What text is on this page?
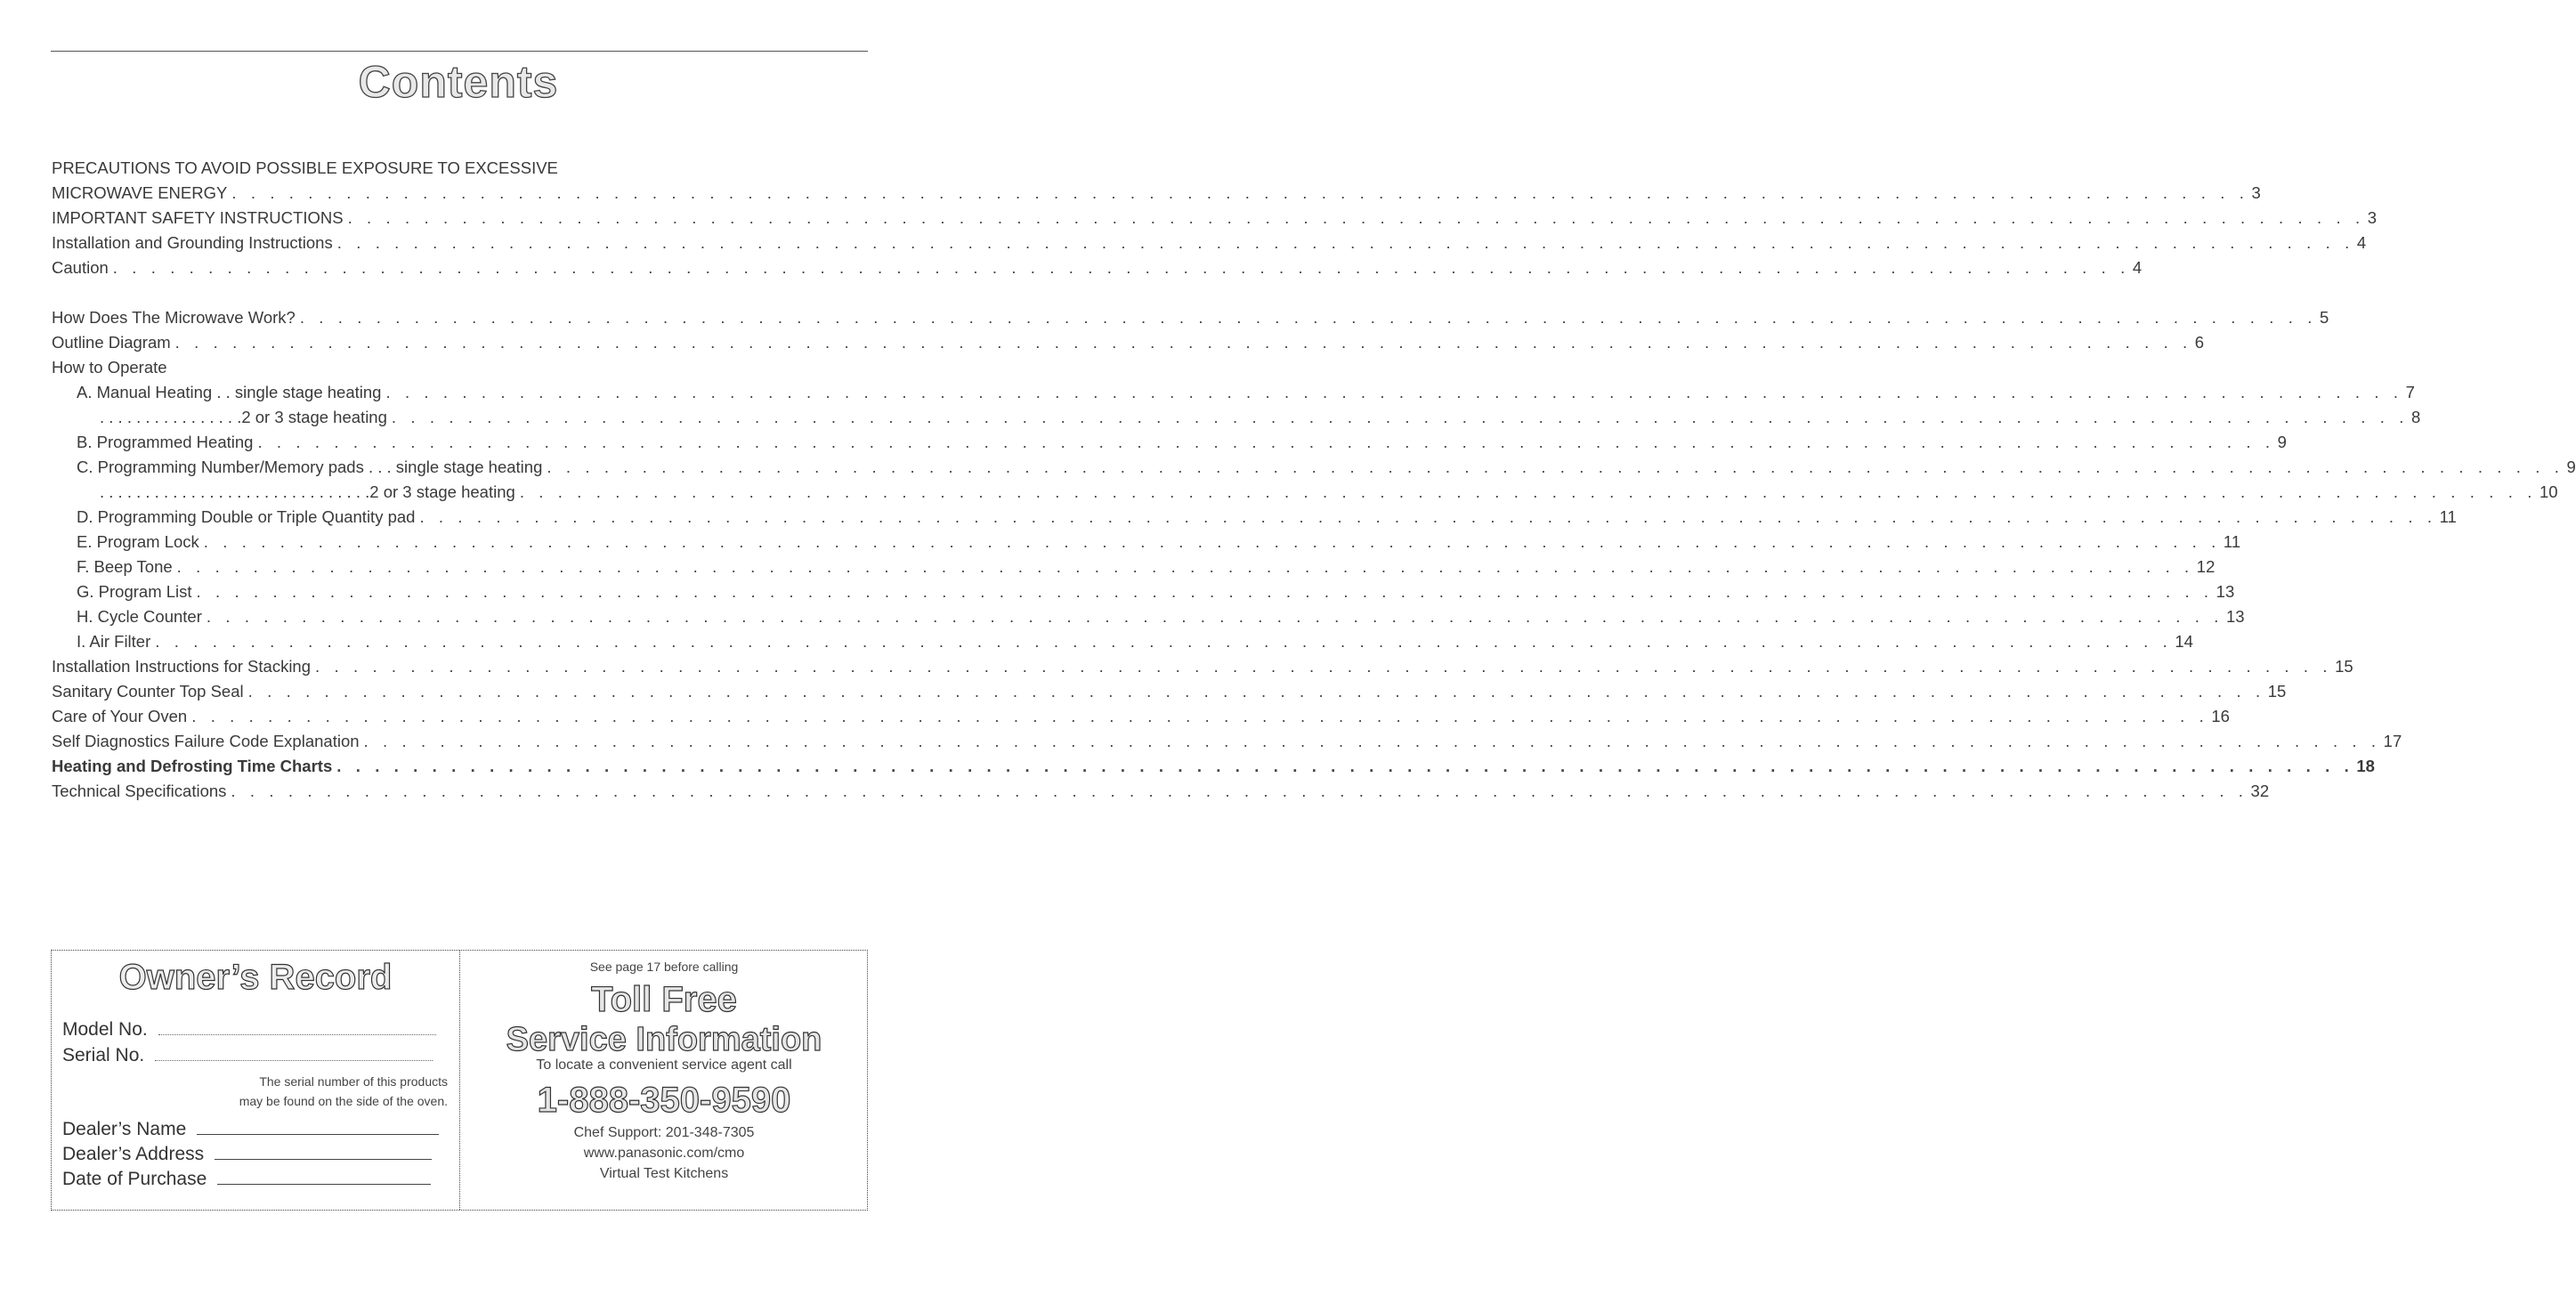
Contents
PRECAUTIONS TO AVOID POSSIBLE EXPOSURE TO EXCESSIVE
MICROWAVE ENERGY . . . . . . . . . . . . . . . . . . . . . . . . . . . . . . . . . . . . . . . . . . . . . . . . . . . . . . . . . . . . . . . . . . . . . . . . . . . . . . . . . . . . . . . . . . . . . . . . . . . . . . . . . . 3
IMPORTANT SAFETY INSTRUCTIONS . . . . . . . . . . . . . . . . . . . . . . . . . . . . . . . . . . . . . . . . . . . . . . . . . . . . . . . . . . . . . . . . . . . . . . . . . . . . . . . . . . . . . . . . . . . . . . . . . . . . . . . . . . 3
Installation and Grounding Instructions . . . . . . . . . . . . . . . . . . . . . . . . . . . . . . . . . . . . . . . . . . . . . . . . . . . . . . . . . . . . . . . . . . . . . . . . . . . . . . . . . . . . . . . . . . . . . . . . . . . . . . . . . . 4
Caution . . . . . . . . . . . . . . . . . . . . . . . . . . . . . . . . . . . . . . . . . . . . . . . . . . . . . . . . . . . . . . . . . . . . . . . . . . . . . . . . . . . . . . . . . . . . . . . . . . . . . . . . . . 4
How Does The Microwave Work? . . . . . . . . . . . . . . . . . . . . . . . . . . . . . . . . . . . . . . . . . . . . . . . . . . . . . . . . . . . . . . . . . . . . . . . . . . . . . . . . . . . . . . . . . . . . . . . . . . . . . . . . . . 5
Outline Diagram . . . . . . . . . . . . . . . . . . . . . . . . . . . . . . . . . . . . . . . . . . . . . . . . . . . . . . . . . . . . . . . . . . . . . . . . . . . . . . . . . . . . . . . . . . . . . . . . . . . . . . . . . . 6
How to Operate
A. Manual Heating . . single stage heating . . . . . . . . . . . . . . . . . . . . . . . . . . . . . . . . . . . . . . . . . . . . . . . . . . . . . . . . . . . . . . . . . . . . . . . . . . . . . . . . . . . . . . . . . . . . . . . . . . . . . . . . . . 7
. . . . . . . . . . . . . . . . 2 or 3 stage heating . . . . . . . . . . . . . . . . . . . . . . . . . . . . . . . . . . . . . . . . . . . . . . . . . . . . . . . . . . . . . . . . . . . . . . . . . . . . . . . . . . . . . . . . . . . . . . . . . . . . . . . . . . 8
B. Programmed Heating . . . . . . . . . . . . . . . . . . . . . . . . . . . . . . . . . . . . . . . . . . . . . . . . . . . . . . . . . . . . . . . . . . . . . . . . . . . . . . . . . . . . . . . . . . . . . . . . . . . . . . . . . . 9
C. Programming Number/Memory pads . . . single stage heating . . . . . . . . . . . . . . . . . . . . . . . . . . . . . . . . . . . . . . . . . . . . . . . . . . . . . . . . . . . . . . . . . . . . . . . . . . . . . . . . . . . . . . . . . . . . . . . . . . . . . . . . . . 9
. . . . . . . . . . . . . . . . . . . . . . . . . . . . . . 2 or 3 stage heating . . . . . . . . . . . . . . . . . . . . . . . . . . . . . . . . . . . . . . . . . . . . . . . . . . . . . . . . . . . . . . . . . . . . . . . . . . . . . . . . . . . . . . . . . . . . . . . . . . . . . . . . . . 10
D. Programming Double or Triple Quantity pad . . . . . . . . . . . . . . . . . . . . . . . . . . . . . . . . . . . . . . . . . . . . . . . . . . . . . . . . . . . . . . . . . . . . . . . . . . . . . . . . . . . . . . . . . . . . . . . . . . . . . . . . . . 11
E. Program Lock . . . . . . . . . . . . . . . . . . . . . . . . . . . . . . . . . . . . . . . . . . . . . . . . . . . . . . . . . . . . . . . . . . . . . . . . . . . . . . . . . . . . . . . . . . . . . . . . . . . . . . . . . . 11
F. Beep Tone . . . . . . . . . . . . . . . . . . . . . . . . . . . . . . . . . . . . . . . . . . . . . . . . . . . . . . . . . . . . . . . . . . . . . . . . . . . . . . . . . . . . . . . . . . . . . . . . . . . . . . . . . . 12
G. Program List . . . . . . . . . . . . . . . . . . . . . . . . . . . . . . . . . . . . . . . . . . . . . . . . . . . . . . . . . . . . . . . . . . . . . . . . . . . . . . . . . . . . . . . . . . . . . . . . . . . . . . . . . . 13
H. Cycle Counter . . . . . . . . . . . . . . . . . . . . . . . . . . . . . . . . . . . . . . . . . . . . . . . . . . . . . . . . . . . . . . . . . . . . . . . . . . . . . . . . . . . . . . . . . . . . . . . . . . . . . . . . . . 13
I. Air Filter . . . . . . . . . . . . . . . . . . . . . . . . . . . . . . . . . . . . . . . . . . . . . . . . . . . . . . . . . . . . . . . . . . . . . . . . . . . . . . . . . . . . . . . . . . . . . . . . . . . . . . . . . . 14
Installation Instructions for Stacking . . . . . . . . . . . . . . . . . . . . . . . . . . . . . . . . . . . . . . . . . . . . . . . . . . . . . . . . . . . . . . . . . . . . . . . . . . . . . . . . . . . . . . . . . . . . . . . . . . . . . . . . . . 15
Sanitary Counter Top Seal . . . . . . . . . . . . . . . . . . . . . . . . . . . . . . . . . . . . . . . . . . . . . . . . . . . . . . . . . . . . . . . . . . . . . . . . . . . . . . . . . . . . . . . . . . . . . . . . . . . . . . . . . . 15
Care of Your Oven . . . . . . . . . . . . . . . . . . . . . . . . . . . . . . . . . . . . . . . . . . . . . . . . . . . . . . . . . . . . . . . . . . . . . . . . . . . . . . . . . . . . . . . . . . . . . . . . . . . . . . . . . . 16
Self Diagnostics Failure Code Explanation . . . . . . . . . . . . . . . . . . . . . . . . . . . . . . . . . . . . . . . . . . . . . . . . . . . . . . . . . . . . . . . . . . . . . . . . . . . . . . . . . . . . . . . . . . . . . . . . . . . . . . . . . . 17
Heating and Defrosting Time Charts . . . . . . . . . . . . . . . . . . . . . . . . . . . . . . . . . . . . . . . . . . . . . . . . . . . . . . . . . . . . . . . . . . . . . . . . . . . . . . . . . . . . . . . . . . . . . . . . . . . . . . . . . . 18
Technical Specifications . . . . . . . . . . . . . . . . . . . . . . . . . . . . . . . . . . . . . . . . . . . . . . . . . . . . . . . . . . . . . . . . . . . . . . . . . . . . . . . . . . . . . . . . . . . . . . . . . . . . . . . . . . 32
Owner’s Record
Model No.
Serial No.
The serial number of this products
may be found on the side of the oven.
Dealer’s Name
Dealer’s Address
Date of Purchase
See page 17 before calling
Toll Free
Service Information
To locate a convenient service agent call
1-888-350-9590
Chef Support: 201-348-7305
www.panasonic.com/cmo
Virtual Test Kitchens
